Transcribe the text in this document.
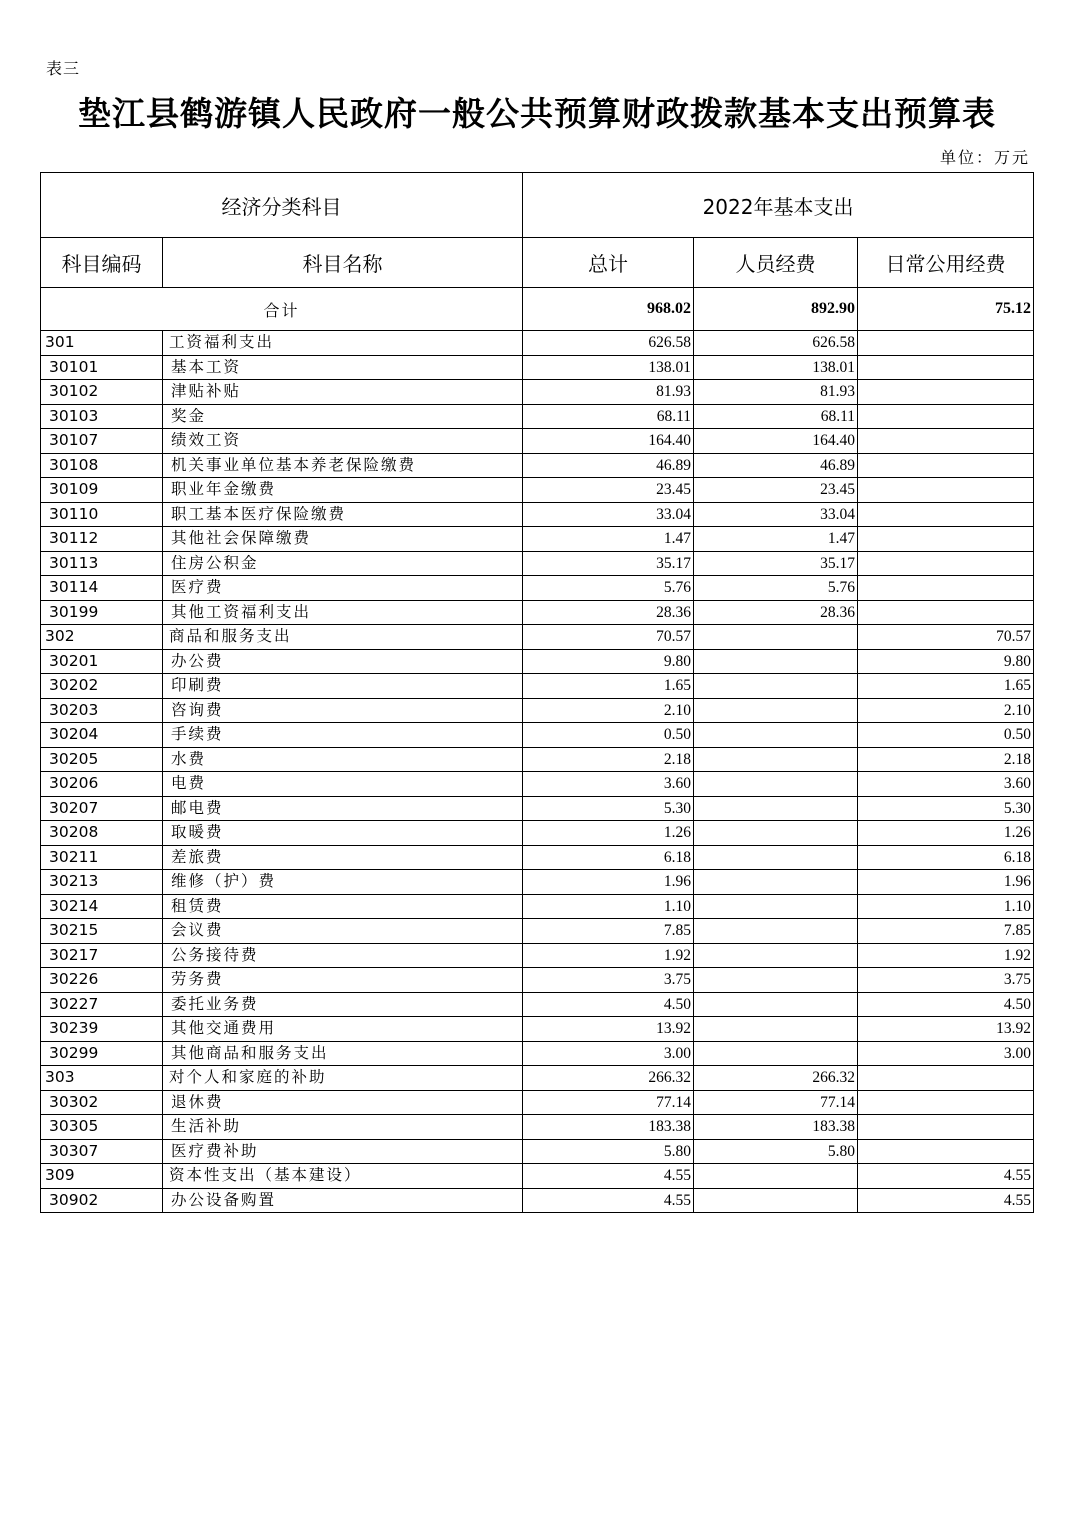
表三
垫江县鹤游镇人民政府一般公共预算财政拨款基本支出预算表
单位：万元
经济分类科目		2022年基本支出		
科目编码	科目名称	总计	人员经费	日常公用经费
合计		968.02	892.90	75.12
301	工资福利支出	626.58	626.58	
30101	基本工资	138.01	138.01	
30102	津贴补贴	81.93	81.93	
30103	奖金	68.11	68.11	
30107	绩效工资	164.40	164.40	
30108	机关事业单位基本养老保险缴费	46.89	46.89	
30109	职业年金缴费	23.45	23.45	
30110	职工基本医疗保险缴费	33.04	33.04	
30112	其他社会保障缴费	1.47	1.47	
30113	住房公积金	35.17	35.17	
30114	医疗费	5.76	5.76	
30199	其他工资福利支出	28.36	28.36	
302	商品和服务支出	70.57		70.57
30201	办公费	9.80		9.80
30202	印刷费	1.65		1.65
30203	咨询费	2.10		2.10
30204	手续费	0.50		0.50
30205	水费	2.18		2.18
30206	电费	3.60		3.60
30207	邮电费	5.30		5.30
30208	取暖费	1.26		1.26
30211	差旅费	6.18		6.18
30213	维修（护）费	1.96		1.96
30214	租赁费	1.10		1.10
30215	会议费	7.85		7.85
30217	公务接待费	1.92		1.92
30226	劳务费	3.75		3.75
30227	委托业务费	4.50		4.50
30239	其他交通费用	13.92		13.92
30299	其他商品和服务支出	3.00		3.00
303	对个人和家庭的补助	266.32	266.32	
30302	退休费	77.14	77.14	
30305	生活补助	183.38	183.38	
30307	医疗费补助	5.80	5.80	
309	资本性支出（基本建设）	4.55		4.55
30902	办公设备购置	4.55		4.55
